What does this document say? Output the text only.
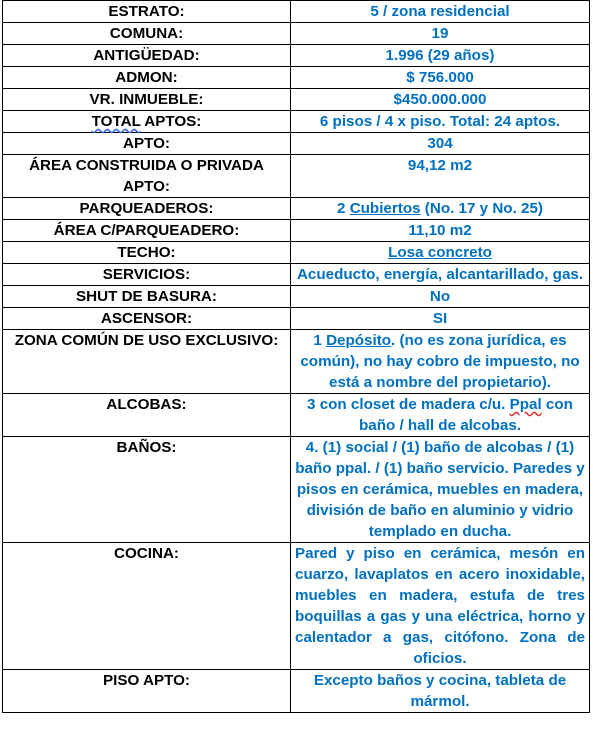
ESTRATO:	5 / zona residencial
COMUNA:	19
ANTIGÜEDAD:	1.996 (29 años)
ADMON:	$ 756.000
VR. INMUEBLE:	$450.000.000
TOTAL APTOS:	6 pisos / 4 x piso. Total: 24 aptos.
APTO:	304
ÁREA CONSTRUIDA O PRIVADA APTO:	94,12 m2
PARQUEADEROS:	2 Cubiertos (No. 17 y No. 25)
ÁREA C/PARQUEADERO:	11,10 m2
TECHO:	Losa concreto
SERVICIOS:	Acueducto, energía, alcantarillado, gas.
SHUT DE BASURA:	No
ASCENSOR:	SI
ZONA COMÚN DE USO EXCLUSIVO:	1 Depósito. (no es zona jurídica, es común), no hay cobro de impuesto, no está a nombre del propietario).
ALCOBAS:	3 con closet de madera c/u. Ppal con baño / hall de alcobas.
BAÑOS:	4. (1) social / (1) baño de alcobas / (1) baño ppal. / (1) baño servicio. Paredes y pisos en cerámica, muebles en madera, división de baño en aluminio y vidrio templado en ducha.
COCINA:	Pared y piso en cerámica, mesón en cuarzo, lavaplatos en acero inoxidable, muebles en madera, estufa de tres boquillas a gas y una eléctrica, horno y calentador a gas, citófono. Zona de oficios.
PISO APTO:	Excepto baños y cocina, tableta de mármol.
